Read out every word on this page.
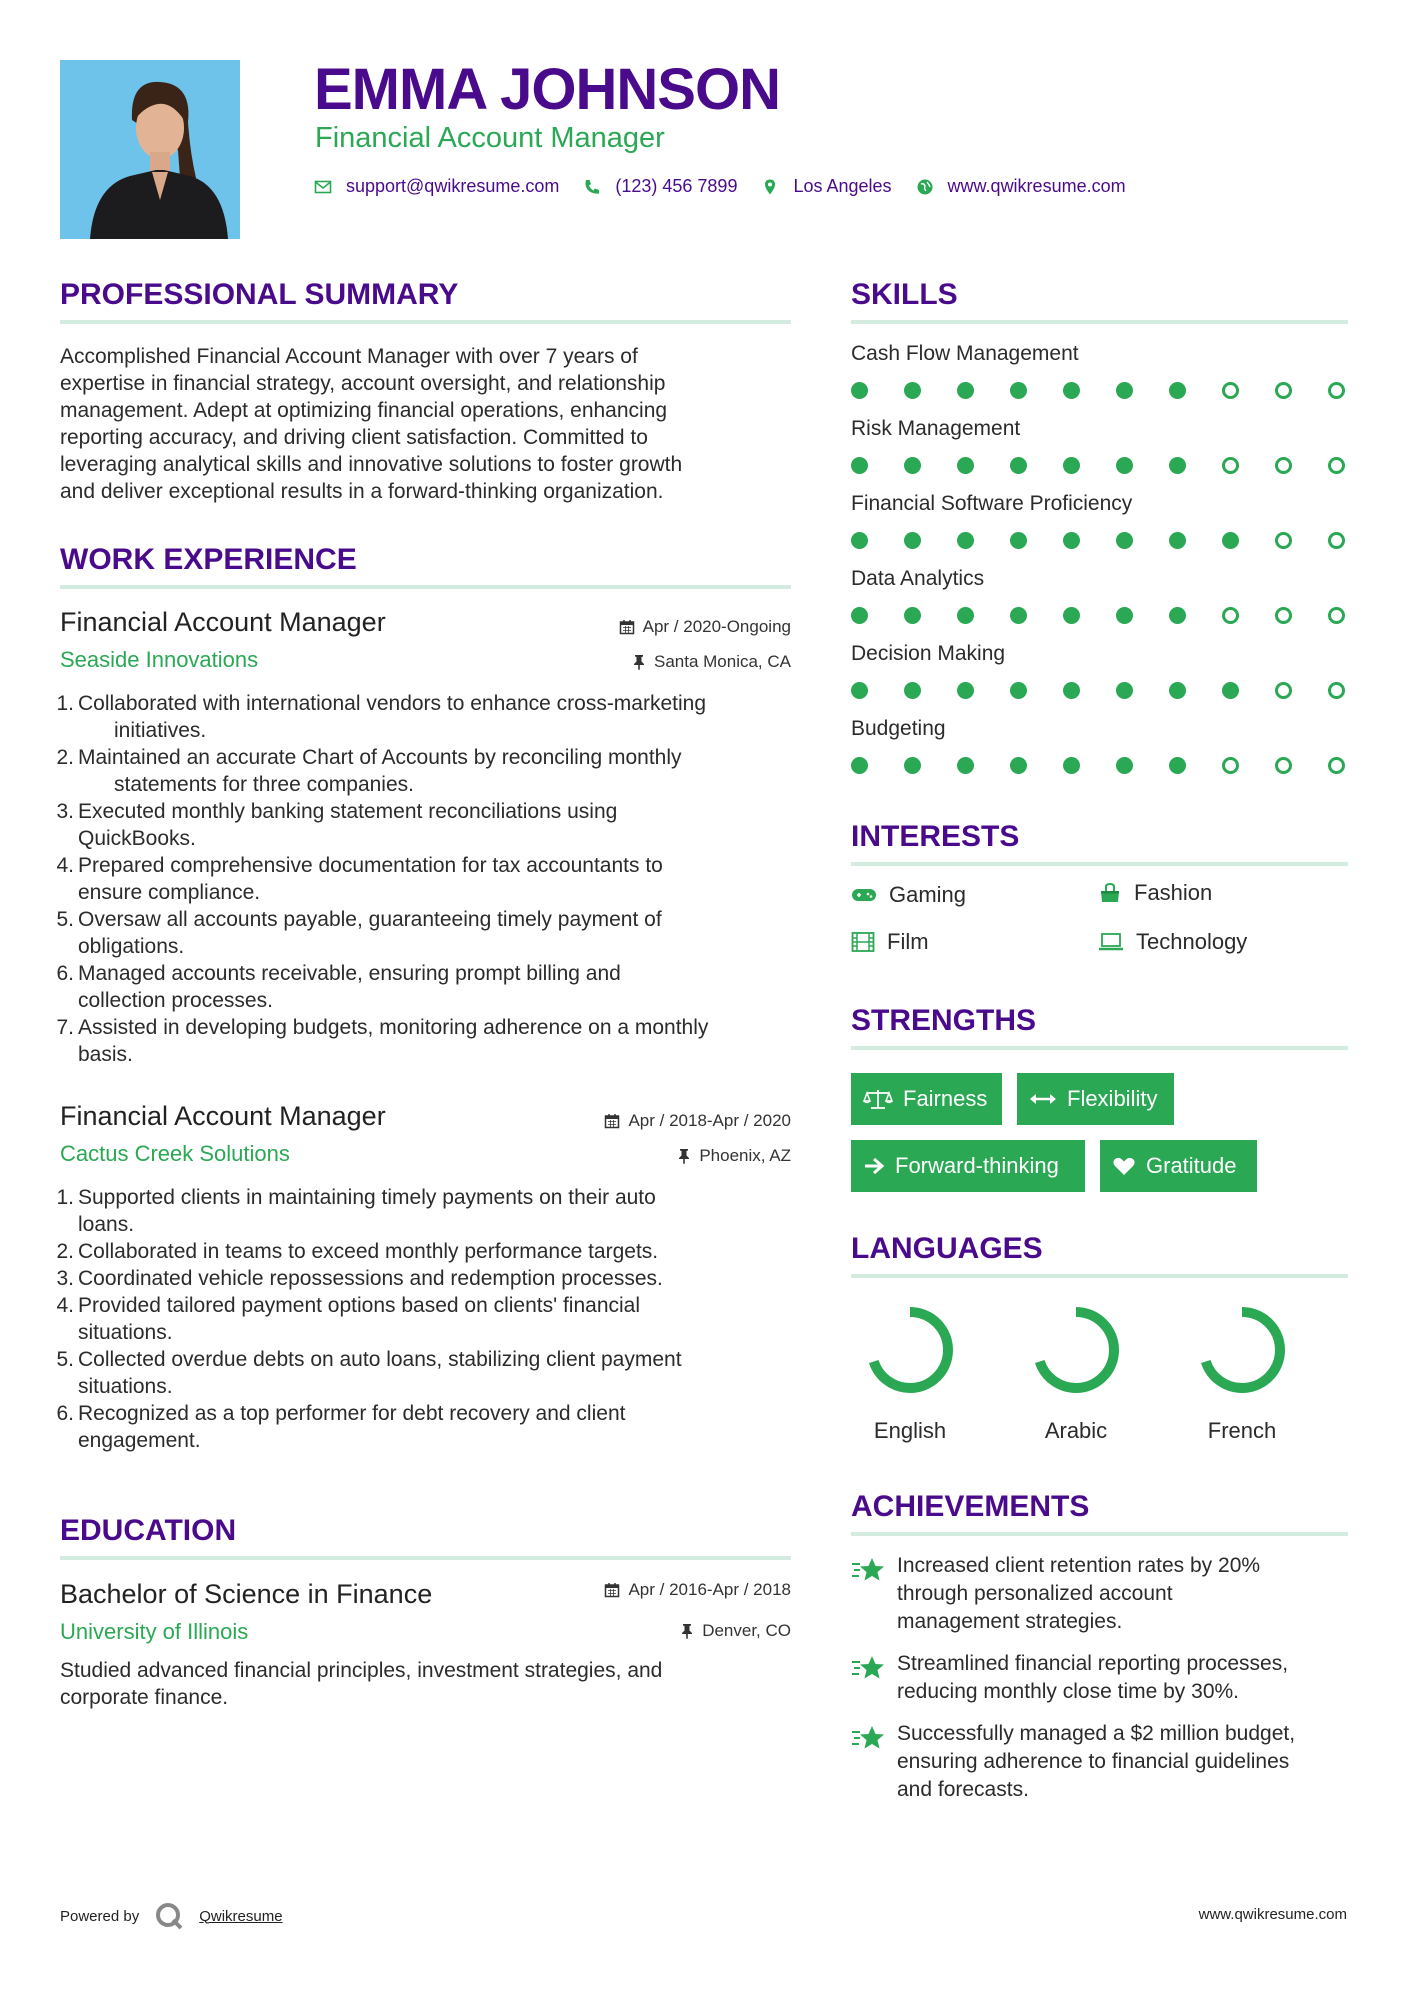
EMMA JOHNSON
Financial Account Manager
support@qwikresume.com	(123) 456 7899	Los Angeles	www.qwikresume.com
PROFESSIONAL SUMMARY
Accomplished Financial Account Manager with over 7 years of
expertise in financial strategy, account oversight, and relationship
management. Adept at optimizing financial operations, enhancing
reporting accuracy, and driving client satisfaction. Committed to
leveraging analytical skills and innovative solutions to foster growth
and deliver exceptional results in a forward-thinking organization.
WORK EXPERIENCE
Financial Account Manager	Apr / 2020-Ongoing
Seaside Innovations	Santa Monica, CA
1. Collaborated with international vendors to enhance cross-marketing
initiatives.
2. Maintained an accurate Chart of Accounts by reconciling monthly
statements for three companies.
3. Executed monthly banking statement reconciliations using
QuickBooks.
4. Prepared comprehensive documentation for tax accountants to
ensure compliance.
5. Oversaw all accounts payable, guaranteeing timely payment of
obligations.
6. Managed accounts receivable, ensuring prompt billing and
collection processes.
7. Assisted in developing budgets, monitoring adherence on a monthly
basis.
Financial Account Manager	Apr / 2018-Apr / 2020
Cactus Creek Solutions	Phoenix, AZ
1. Supported clients in maintaining timely payments on their auto
loans.
2. Collaborated in teams to exceed monthly performance targets.
3. Coordinated vehicle repossessions and redemption processes.
4. Provided tailored payment options based on clients' financial
situations.
5. Collected overdue debts on auto loans, stabilizing client payment
situations.
6. Recognized as a top performer for debt recovery and client
engagement.
EDUCATION
Bachelor of Science in Finance	Apr / 2016-Apr / 2018
University of Illinois	Denver, CO
Studied advanced financial principles, investment strategies, and
corporate finance.
SKILLS
Cash Flow Management
Risk Management
Financial Software Proficiency
Data Analytics
Decision Making
Budgeting
INTERESTS
Gaming	Fashion
Film	Technology
STRENGTHS
Fairness	Flexibility
Forward-thinking	Gratitude
LANGUAGES
English	Arabic	French
ACHIEVEMENTS
Increased client retention rates by 20%
through personalized account
management strategies.
Streamlined financial reporting processes,
reducing monthly close time by 30%.
Successfully managed a $2 million budget,
ensuring adherence to financial guidelines
and forecasts.
Powered by	Qwikresume	www.qwikresume.com
